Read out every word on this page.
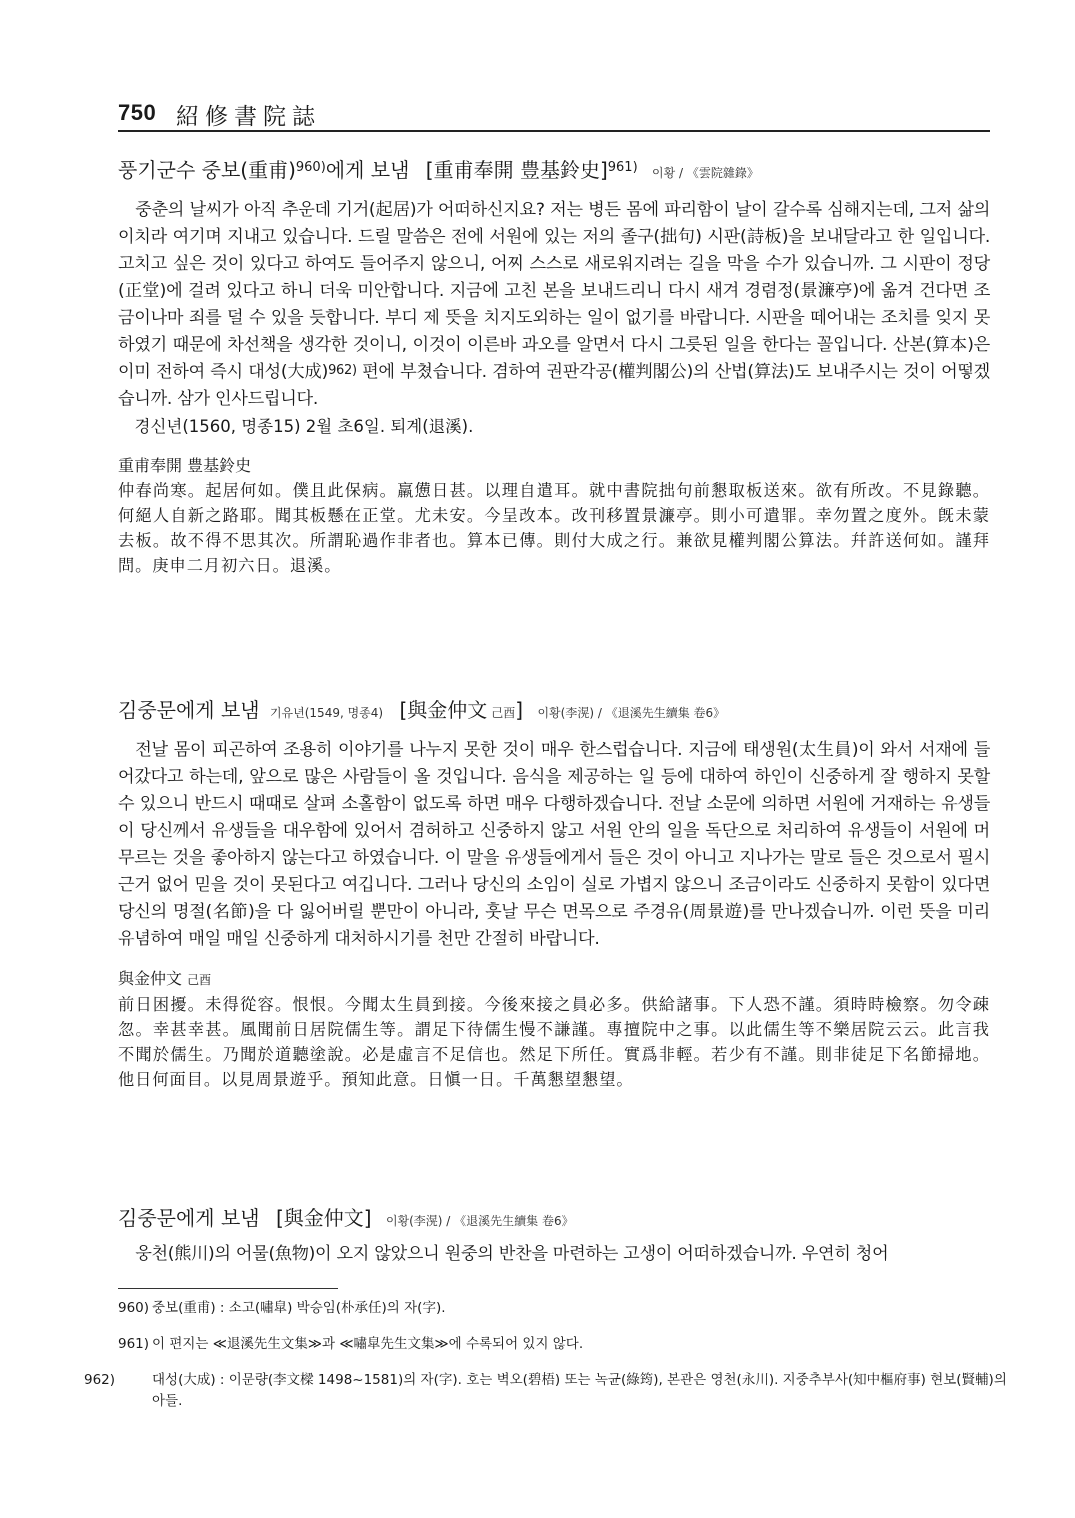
750 紹修書院誌
풍기군수 중보(重甫)$^{960)}$에게 보냄 [重甫奉開 豊基鈴史]$^{961)}$ 이황 / 《雲院雜錄》
중춘의 날씨가 아직 추운데 기거(起居)가 어떠하신지요? 저는 병든 몸에 파리함이 날이 갈수록 심해지는데, 그저 삶의 이치라 여기며 지내고 있습니다. 드릴 말씀은 전에 서원에 있는 저의 졸구(拙句) 시판(詩板)을 보내달라고 한 일입니다. 고치고 싶은 것이 있다고 하여도 들어주지 않으니, 어찌 스스로 새로워지려는 길을 막을 수가 있습니까. 그 시판이 정당(正堂)에 걸려 있다고 하니 더욱 미안합니다. 지금에 고친 본을 보내드리니 다시 새겨 경렴정(景濂亭)에 옮겨 건다면 조금이나마 죄를 덜 수 있을 듯합니다. 부디 제 뜻을 치지도외하는 일이 없기를 바랍니다. 시판을 떼어내는 조치를 잊지 못하였기 때문에 차선책을 생각한 것이니, 이것이 이른바 과오를 알면서 다시 그릇된 일을 한다는 꼴입니다. 산본(算本)은 이미 전하여 즉시 대성(大成)$^{962)}$ 편에 부쳤습니다. 겸하여 권판각공(權判閣公)의 산법(算法)도 보내주시는 것이 어떻겠습니까. 삼가 인사드립니다.
경신년(1560, 명종15) 2월 초6일. 퇴계(退溪).
重甫奉開 豊基鈴史
仲春尚寒。起居何如。僕且此保病。羸憊日甚。以理自遣耳。就中書院拙句前懇取板送來。欲有所改。不見錄聽。何絕人自新之路耶。聞其板懸在正堂。尤未安。今呈改本。改刊移置景濂亭。則小可遣罪。幸勿置之度外。旣未蒙去板。故不得不思其次。所謂恥過作非者也。算本已傳。則付大成之行。兼欲見權判閣公算法。幷許送何如。謹拜問。庚申二月初六日。退溪。
김중문에게 보냄 기유년(1549, 명종4) [與金仲文 己酉] 이황(李滉) / 《退溪先生續集 卷6》
전날 몸이 피곤하여 조용히 이야기를 나누지 못한 것이 매우 한스럽습니다. 지금에 태생원(太生員)이 와서 서재에 들어갔다고 하는데, 앞으로 많은 사람들이 올 것입니다. 음식을 제공하는 일 등에 대하여 하인이 신중하게 잘 행하지 못할 수 있으니 반드시 때때로 살펴 소홀함이 없도록 하면 매우 다행하겠습니다. 전날 소문에 의하면 서원에 거재하는 유생들이 당신께서 유생들을 대우함에 있어서 겸허하고 신중하지 않고 서원 안의 일을 독단으로 처리하여 유생들이 서원에 머무르는 것을 좋아하지 않는다고 하였습니다. 이 말을 유생들에게서 들은 것이 아니고 지나가는 말로 들은 것으로서 필시 근거 없어 믿을 것이 못된다고 여깁니다. 그러나 당신의 소임이 실로 가볍지 않으니 조금이라도 신중하지 못함이 있다면 당신의 명절(名節)을 다 잃어버릴 뿐만이 아니라, 훗날 무슨 면목으로 주경유(周景遊)를 만나겠습니까. 이런 뜻을 미리 유념하여 매일 매일 신중하게 대처하시기를 천만 간절히 바랍니다.
與金仲文 己酉
前日困擾。未得從容。恨恨。今聞太生員到接。今後來接之員必多。供給諸事。下人恐不謹。須時時檢察。勿令疎忽。幸甚幸甚。風聞前日居院儒生等。謂足下待儒生慢不謙謹。專擅院中之事。以此儒生等不樂居院云云。此言我不聞於儒生。乃聞於道聽塗說。必是虛言不足信也。然足下所任。實爲非輕。若少有不謹。則非徒足下名節掃地。他日何面目。以見周景遊乎。預知此意。日愼一日。千萬懇望懇望。
김중문에게 보냄 [與金仲文] 이황(李滉) / 《退溪先生續集 卷6》
웅천(熊川)의 어물(魚物)이 오지 않았으니 원중의 반찬을 마련하는 고생이 어떠하겠습니까. 우연히 청어
960) 중보(重甫) : 소고(嘯皐) 박승임(朴承任)의 자(字).
961) 이 편지는 ≪退溪先生文集≫과 ≪嘯皐先生文集≫에 수록되어 있지 않다.
962)	대성(大成) : 이문량(李文樑 1498~1581)의 자(字). 호는 벽오(碧梧) 또는 녹균(綠筠), 본관은 영천(永川). 지중추부사(知中樞府事) 현보(賢輔)의 아들.
